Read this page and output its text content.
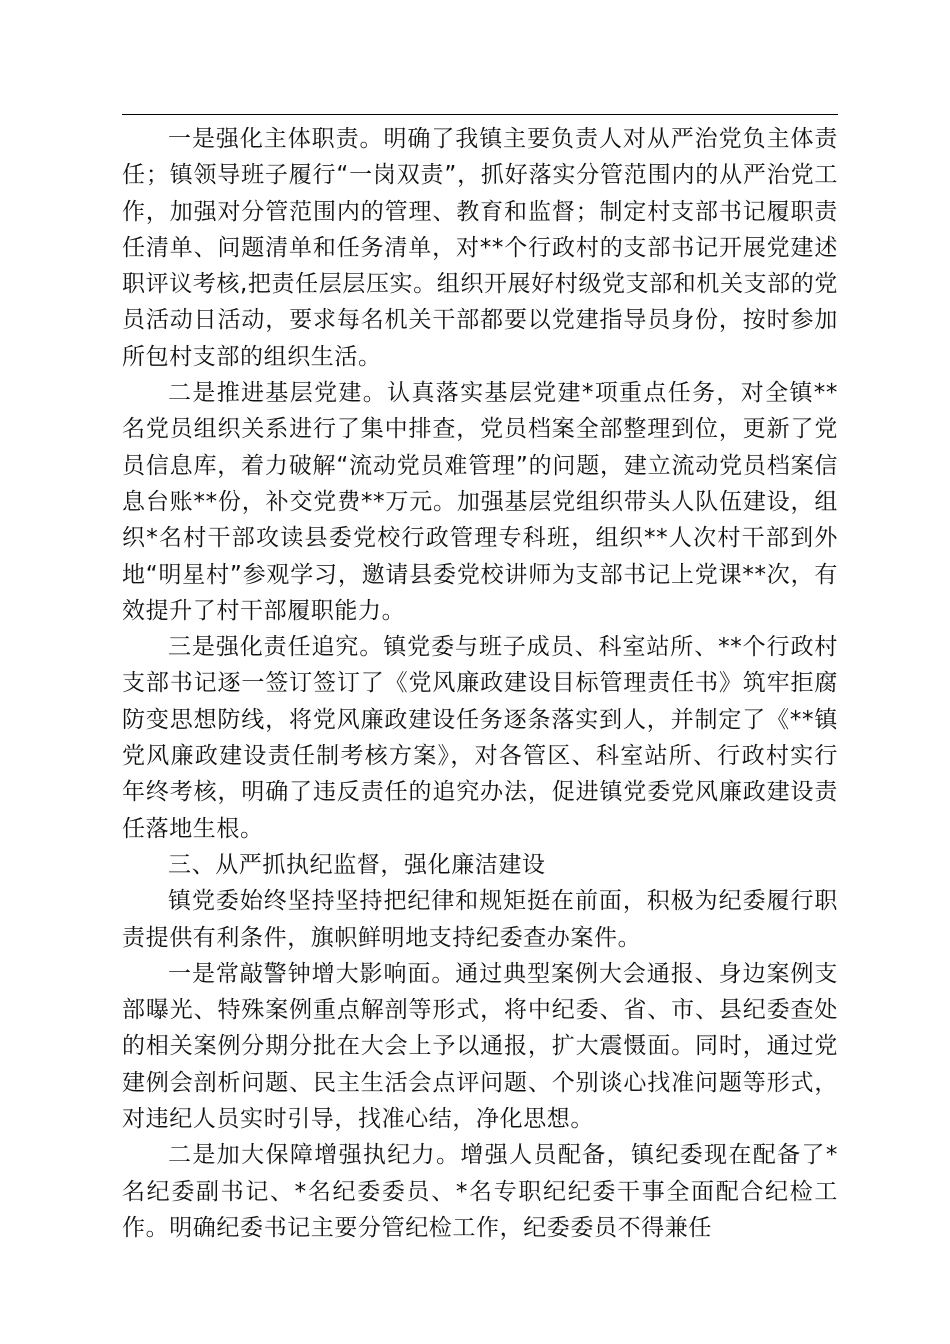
一是强化主体职责。明确了我镇主要负责人对从严治党负主体责任；镇领导班子履行“一岗双责”，抓好落实分管范围内的从严治党工作，加强对分管范围内的管理、教育和监督；制定村支部书记履职责任清单、问题清单和任务清单，对**个行政村的支部书记开展党建述职评议考核,把责任层层压实。组织开展好村级党支部和机关支部的党员活动日活动，要求每名机关干部都要以党建指导员身份，按时参加所包村支部的组织生活。

二是推进基层党建。认真落实基层党建*项重点任务，对全镇**名党员组织关系进行了集中排查，党员档案全部整理到位，更新了党员信息库，着力破解“流动党员难管理”的问题，建立流动党员档案信息台账**份，补交党费**万元。加强基层党组织带头人队伍建设，组织*名村干部攻读县委党校行政管理专科班，组织**人次村干部到外地“明星村”参观学习，邀请县委党校讲师为支部书记上党课**次，有效提升了村干部履职能力。

三是强化责任追究。镇党委与班子成员、科室站所、**个行政村支部书记逐一签订签订了《党风廉政建设目标管理责任书》筑牢拒腐防变思想防线，将党风廉政建设任务逐条落实到人，并制定了《**镇党风廉政建设责任制考核方案》，对各管区、科室站所、行政村实行年终考核，明确了违反责任的追究办法，促进镇党委党风廉政建设责任落地生根。

三、从严抓执纪监督，强化廉洁建设

镇党委始终坚持坚持把纪律和规矩挺在前面，积极为纪委履行职责提供有利条件，旗帜鲜明地支持纪委查办案件。

一是常敲警钟增大影响面。通过典型案例大会通报、身边案例支部曝光、特殊案例重点解剖等形式，将中纪委、省、市、县纪委查处的相关案例分期分批在大会上予以通报，扩大震慑面。同时，通过党建例会剖析问题、民主生活会点评问题、个别谈心找准问题等形式，对违纪人员实时引导，找准心结，净化思想。

二是加大保障增强执纪力。增强人员配备，镇纪委现在配备了*名纪委副书记、*名纪委委员、*名专职纪纪委干事全面配合纪检工作。明确纪委书记主要分管纪检工作，纪委委员不得兼任
